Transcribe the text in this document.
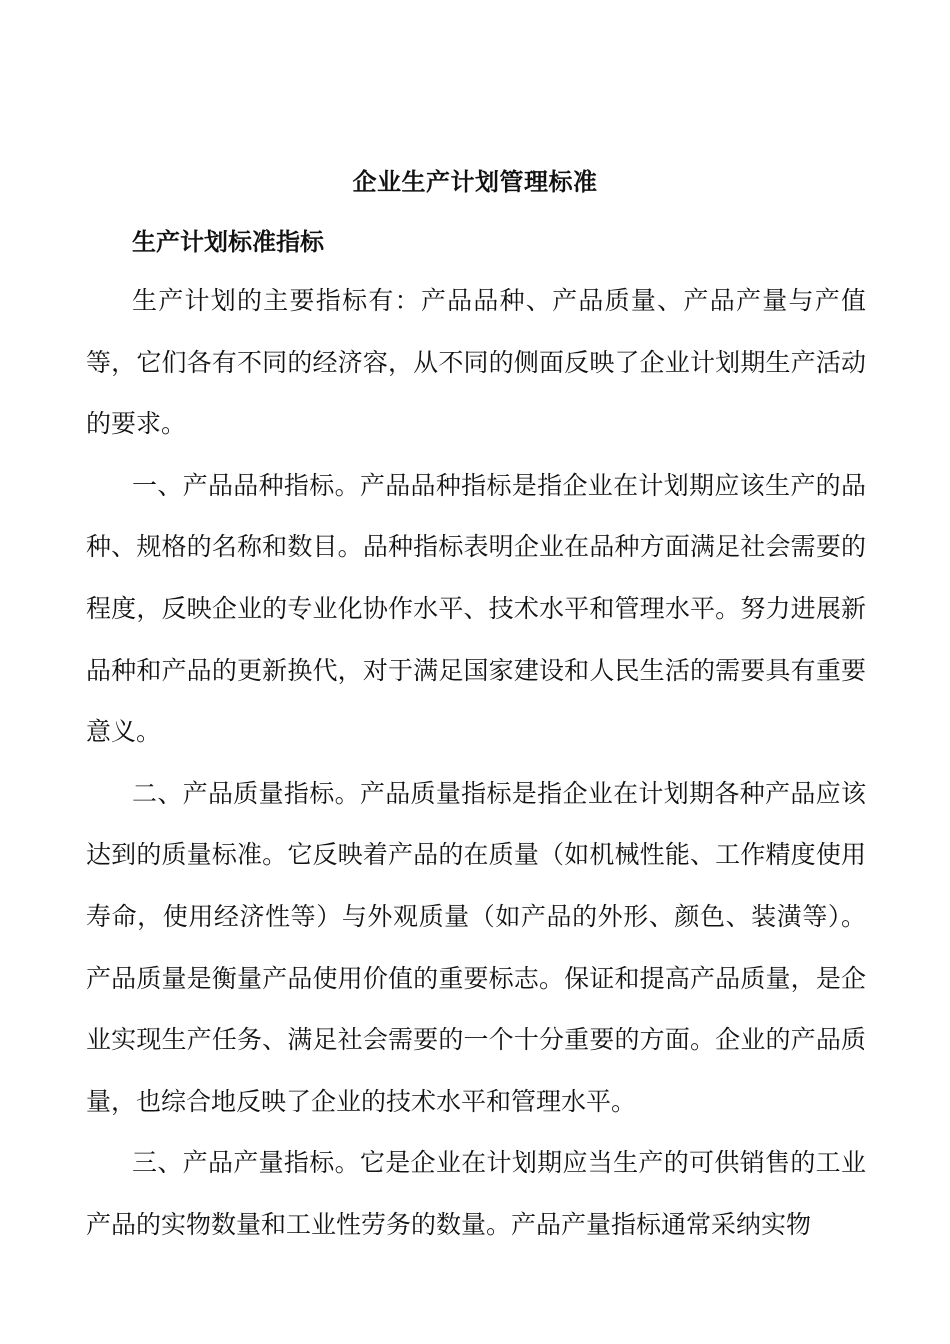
企业生产计划管理标准
生产计划标准指标

生产计划的主要指标有：产品品种、产品质量、产品产量与产值等，它们各有不同的经济容，从不同的侧面反映了企业计划期生产活动的要求。

一、产品品种指标。产品品种指标是指企业在计划期应该生产的品种、规格的名称和数目。品种指标表明企业在品种方面满足社会需要的程度，反映企业的专业化协作水平、技术水平和管理水平。努力进展新品种和产品的更新换代，对于满足国家建设和人民生活的需要具有重要意义。

二、产品质量指标。产品质量指标是指企业在计划期各种产品应该达到的质量标准。它反映着产品的在质量（如机械性能、工作精度使用寿命，使用经济性等）与外观质量（如产品的外形、颜色、装潢等）。产品质量是衡量产品使用价值的重要标志。保证和提高产品质量，是企业实现生产任务、满足社会需要的一个十分重要的方面。企业的产品质量，也综合地反映了企业的技术水平和管理水平。

三、产品产量指标。它是企业在计划期应当生产的可供销售的工业产品的实物数量和工业性劳务的数量。产品产量指标通常采纳实物
